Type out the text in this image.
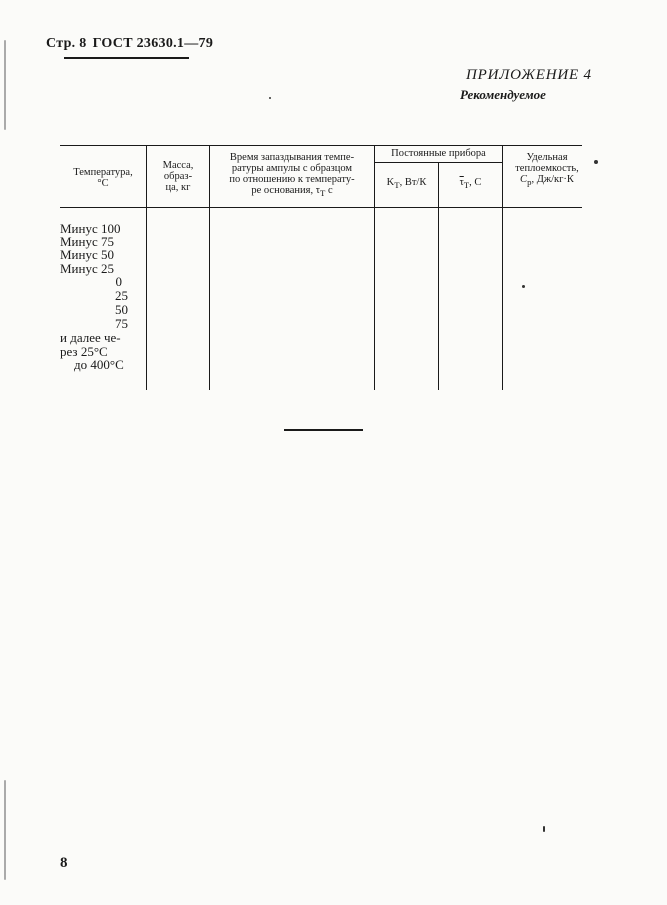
Стр. 8 ГОСТ 23630.1—79
ПРИЛОЖЕНИЕ 4
Рекомендуемое
Температура,
°C
Масса,
образ-
ца, кг
Время запаздывания темпе-
ратуры ампулы с образцом
по отношению к температу-
ре основания, $\tau_T$ с
Постоянные прибора
$K_T$, Вт/К	$\overline{\tau}_T$, С
Удельная
теплоемкость,
$C_p$, Дж/кг·К
Минус 100
Минус 75
Минус 50
Минус 25
0
25
50
75
и далее че-
рез 25°C
до 400°C
8
